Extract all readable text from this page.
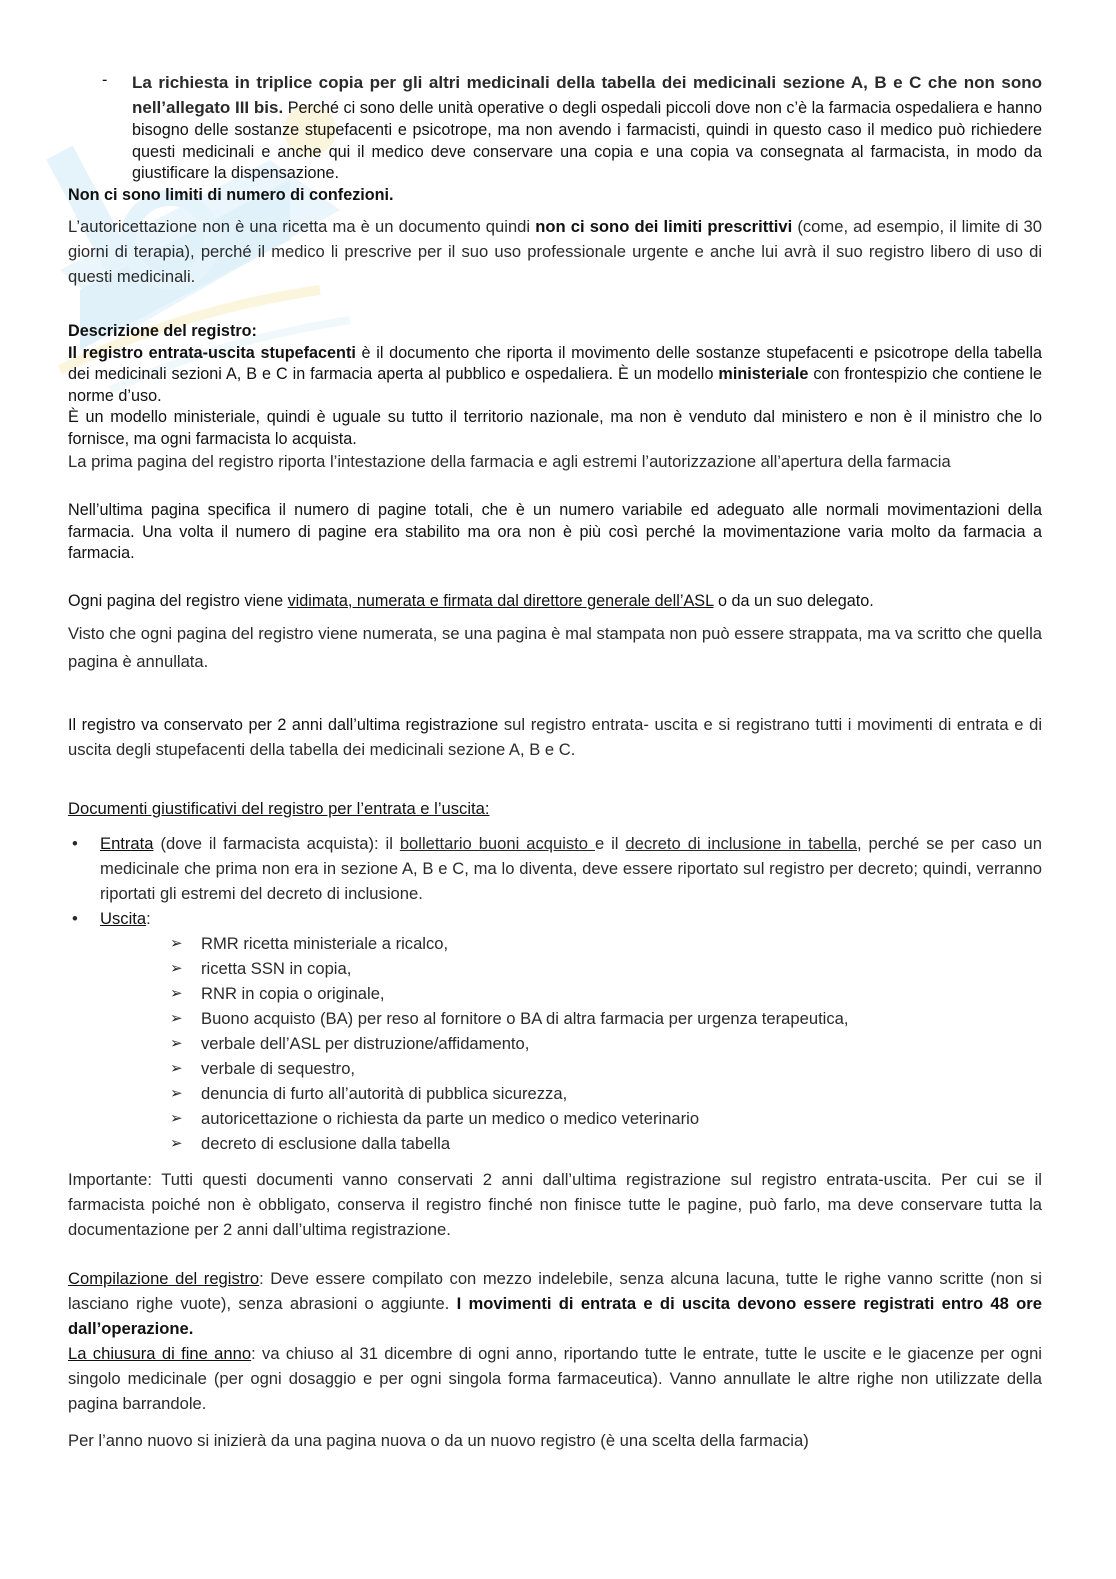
- La richiesta in triplice copia per gli altri medicinali della tabella dei medicinali sezione A, B e C che non sono nell’allegato III bis. Perché ci sono delle unità operative o degli ospedali piccoli dove non c’è la farmacia ospedaliera e hanno bisogno delle sostanze stupefacenti e psicotrope, ma non avendo i farmacisti, quindi in questo caso il medico può richiedere questi medicinali e anche qui il medico deve conservare una copia e una copia va consegnata al farmacista, in modo da giustificare la dispensazione.

Non ci sono limiti di numero di confezioni.

L’autoricettazione non è una ricetta ma è un documento quindi non ci sono dei limiti prescrittivi (come, ad esempio, il limite di 30 giorni di terapia), perché il medico li prescrive per il suo uso professionale urgente e anche lui avrà il suo registro libero di uso di questi medicinali.

Descrizione del registro:

Il registro entrata-uscita stupefacenti è il documento che riporta il movimento delle sostanze stupefacenti e psicotrope della tabella dei medicinali sezioni A, B e C in farmacia aperta al pubblico e ospedaliera. È un modello ministeriale con frontespizio che contiene le norme d’uso.

È un modello ministeriale, quindi è uguale su tutto il territorio nazionale, ma non è venduto dal ministero e non è il ministro che lo fornisce, ma ogni farmacista lo acquista.

La prima pagina del registro riporta l’intestazione della farmacia e agli estremi l’autorizzazione all’apertura della farmacia

Nell’ultima pagina specifica il numero di pagine totali, che è un numero variabile ed adeguato alle normali movimentazioni della farmacia. Una volta il numero di pagine era stabilito ma ora non è più così perché la movimentazione varia molto da farmacia a farmacia.

Ogni pagina del registro viene vidimata, numerata e firmata dal direttore generale dell’ASL o da un suo delegato.

Visto che ogni pagina del registro viene numerata, se una pagina è mal stampata non può essere strappata, ma va scritto che quella pagina è annullata.

Il registro va conservato per 2 anni dall’ultima registrazione sul registro entrata- uscita e si registrano tutti i movimenti di entrata e di uscita degli stupefacenti della tabella dei medicinali sezione A, B e C.

Documenti giustificativi del registro per l’entrata e l’uscita:

• Entrata (dove il farmacista acquista): il bollettario buoni acquisto e il decreto di inclusione in tabella, perché se per caso un medicinale che prima non era in sezione A, B e C, ma lo diventa, deve essere riportato sul registro per decreto; quindi, verranno riportati gli estremi del decreto di inclusione.

• Uscita:

➢ RMR ricetta ministeriale a ricalco,
➢ ricetta SSN in copia,
➢ RNR in copia o originale,
➢ Buono acquisto (BA) per reso al fornitore o BA di altra farmacia per urgenza terapeutica,
➢ verbale dell’ASL per distruzione/affidamento,
➢ verbale di sequestro,
➢ denuncia di furto all’autorità di pubblica sicurezza,
➢ autoricettazione o richiesta da parte un medico o medico veterinario
➢ decreto di esclusione dalla tabella

Importante: Tutti questi documenti vanno conservati 2 anni dall’ultima registrazione sul registro entrata-uscita. Per cui se il farmacista poiché non è obbligato, conserva il registro finché non finisce tutte le pagine, può farlo, ma deve conservare tutta la documentazione per 2 anni dall’ultima registrazione.

Compilazione del registro: Deve essere compilato con mezzo indelebile, senza alcuna lacuna, tutte le righe vanno scritte (non si lasciano righe vuote), senza abrasioni o aggiunte. I movimenti di entrata e di uscita devono essere registrati entro 48 ore dall’operazione.

La chiusura di fine anno: va chiuso al 31 dicembre di ogni anno, riportando tutte le entrate, tutte le uscite e le giacenze per ogni singolo medicinale (per ogni dosaggio e per ogni singola forma farmaceutica). Vanno annullate le altre righe non utilizzate della pagina barrandole.

Per l’anno nuovo si inizierà da una pagina nuova o da un nuovo registro (è una scelta della farmacia)
